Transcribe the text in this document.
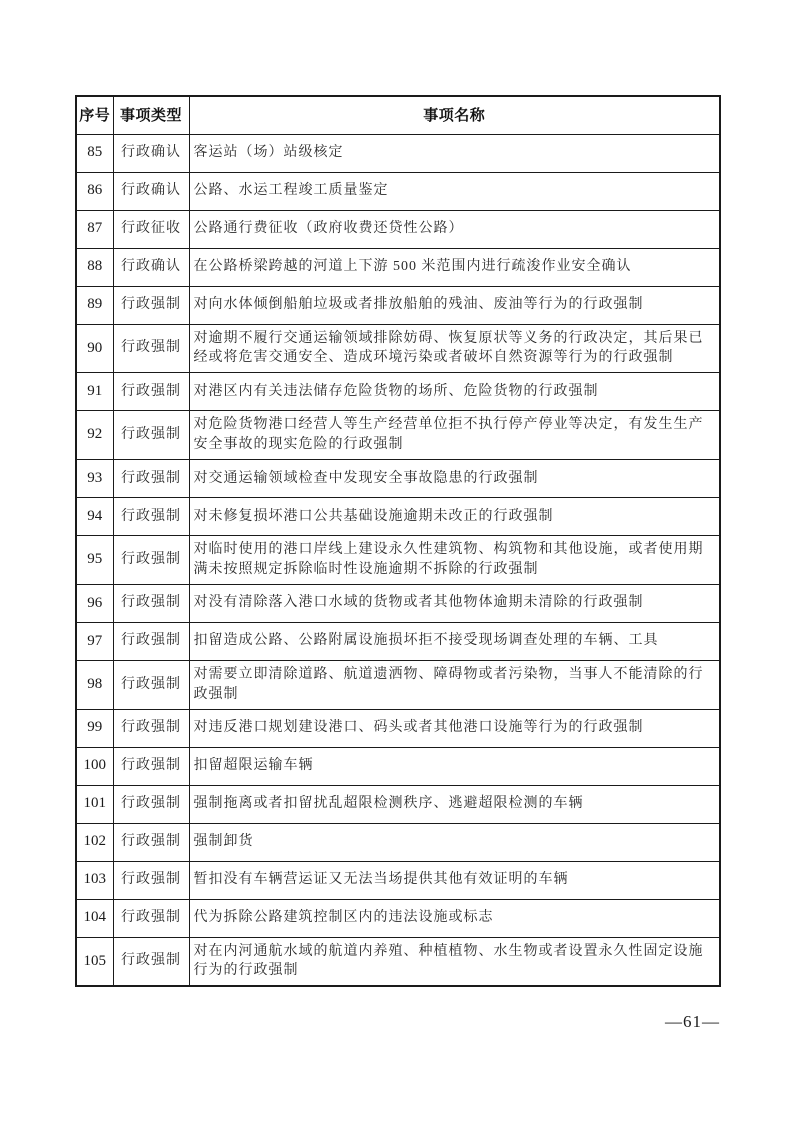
序号	事项类型	事项名称
85	行政确认	客运站（场）站级核定
86	行政确认	公路、水运工程竣工质量鉴定
87	行政征收	公路通行费征收（政府收费还贷性公路）
88	行政确认	在公路桥梁跨越的河道上下游 500 米范围内进行疏浚作业安全确认
89	行政强制	对向水体倾倒船舶垃圾或者排放船舶的残油、废油等行为的行政强制
90	行政强制	对逾期不履行交通运输领域排除妨碍、恢复原状等义务的行政决定，其后果已经或将危害交通安全、造成环境污染或者破坏自然资源等行为的行政强制
91	行政强制	对港区内有关违法储存危险货物的场所、危险货物的行政强制
92	行政强制	对危险货物港口经营人等生产经营单位拒不执行停产停业等决定，有发生生产安全事故的现实危险的行政强制
93	行政强制	对交通运输领域检查中发现安全事故隐患的行政强制
94	行政强制	对未修复损坏港口公共基础设施逾期未改正的行政强制
95	行政强制	对临时使用的港口岸线上建设永久性建筑物、构筑物和其他设施，或者使用期满未按照规定拆除临时性设施逾期不拆除的行政强制
96	行政强制	对没有清除落入港口水域的货物或者其他物体逾期未清除的行政强制
97	行政强制	扣留造成公路、公路附属设施损坏拒不接受现场调查处理的车辆、工具
98	行政强制	对需要立即清除道路、航道遗洒物、障碍物或者污染物，当事人不能清除的行政强制
99	行政强制	对违反港口规划建设港口、码头或者其他港口设施等行为的行政强制
100	行政强制	扣留超限运输车辆
101	行政强制	强制拖离或者扣留扰乱超限检测秩序、逃避超限检测的车辆
102	行政强制	强制卸货
103	行政强制	暂扣没有车辆营运证又无法当场提供其他有效证明的车辆
104	行政强制	代为拆除公路建筑控制区内的违法设施或标志
105	行政强制	对在内河通航水域的航道内养殖、种植植物、水生物或者设置永久性固定设施行为的行政强制
—61—
